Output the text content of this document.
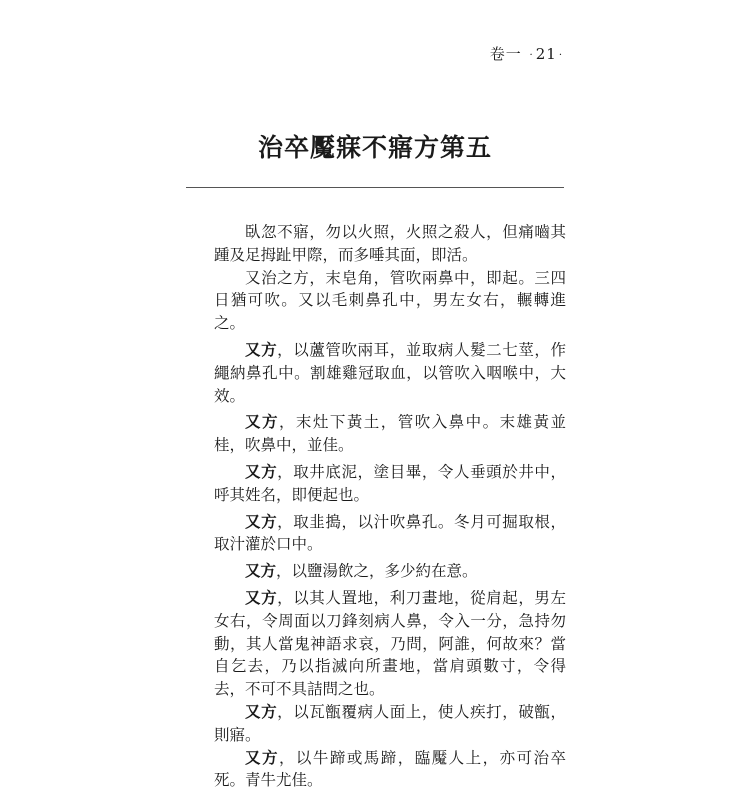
卷一 · 21 ·
治卒魘寐不寤方第五

臥忽不寤，勿以火照，火照之殺人，但痛嚙其踵及足拇趾甲際，而多唾其面，即活。

又治之方，末皂角，管吹兩鼻中，即起。三四日猶可吹。又以毛刺鼻孔中，男左女右，輾轉進之。

又方，以蘆管吹兩耳，並取病人髮二七莖，作繩納鼻孔中。割雄雞冠取血，以管吹入咽喉中，大效。

又方，末灶下黃土，管吹入鼻中。末雄黃並桂，吹鼻中，並佳。

又方，取井底泥，塗目畢，令人垂頭於井中，呼其姓名，即便起也。

又方，取韭搗，以汁吹鼻孔。冬月可掘取根，取汁灌於口中。

又方，以鹽湯飲之，多少約在意。

又方，以其人置地，利刀畫地，從肩起，男左女右，令周面以刀鋒刻病人鼻，令入一分，急持勿動，其人當鬼神語求哀，乃問，阿誰，何故來？當自乞去，乃以指滅向所畫地，當肩頭數寸，令得去，不可不具詰問之也。

又方，以瓦甑覆病人面上，使人疾打，破甑，則寤。

又方，以牛蹄或馬蹄，臨魘人上，亦可治卒死。青牛尤佳。
